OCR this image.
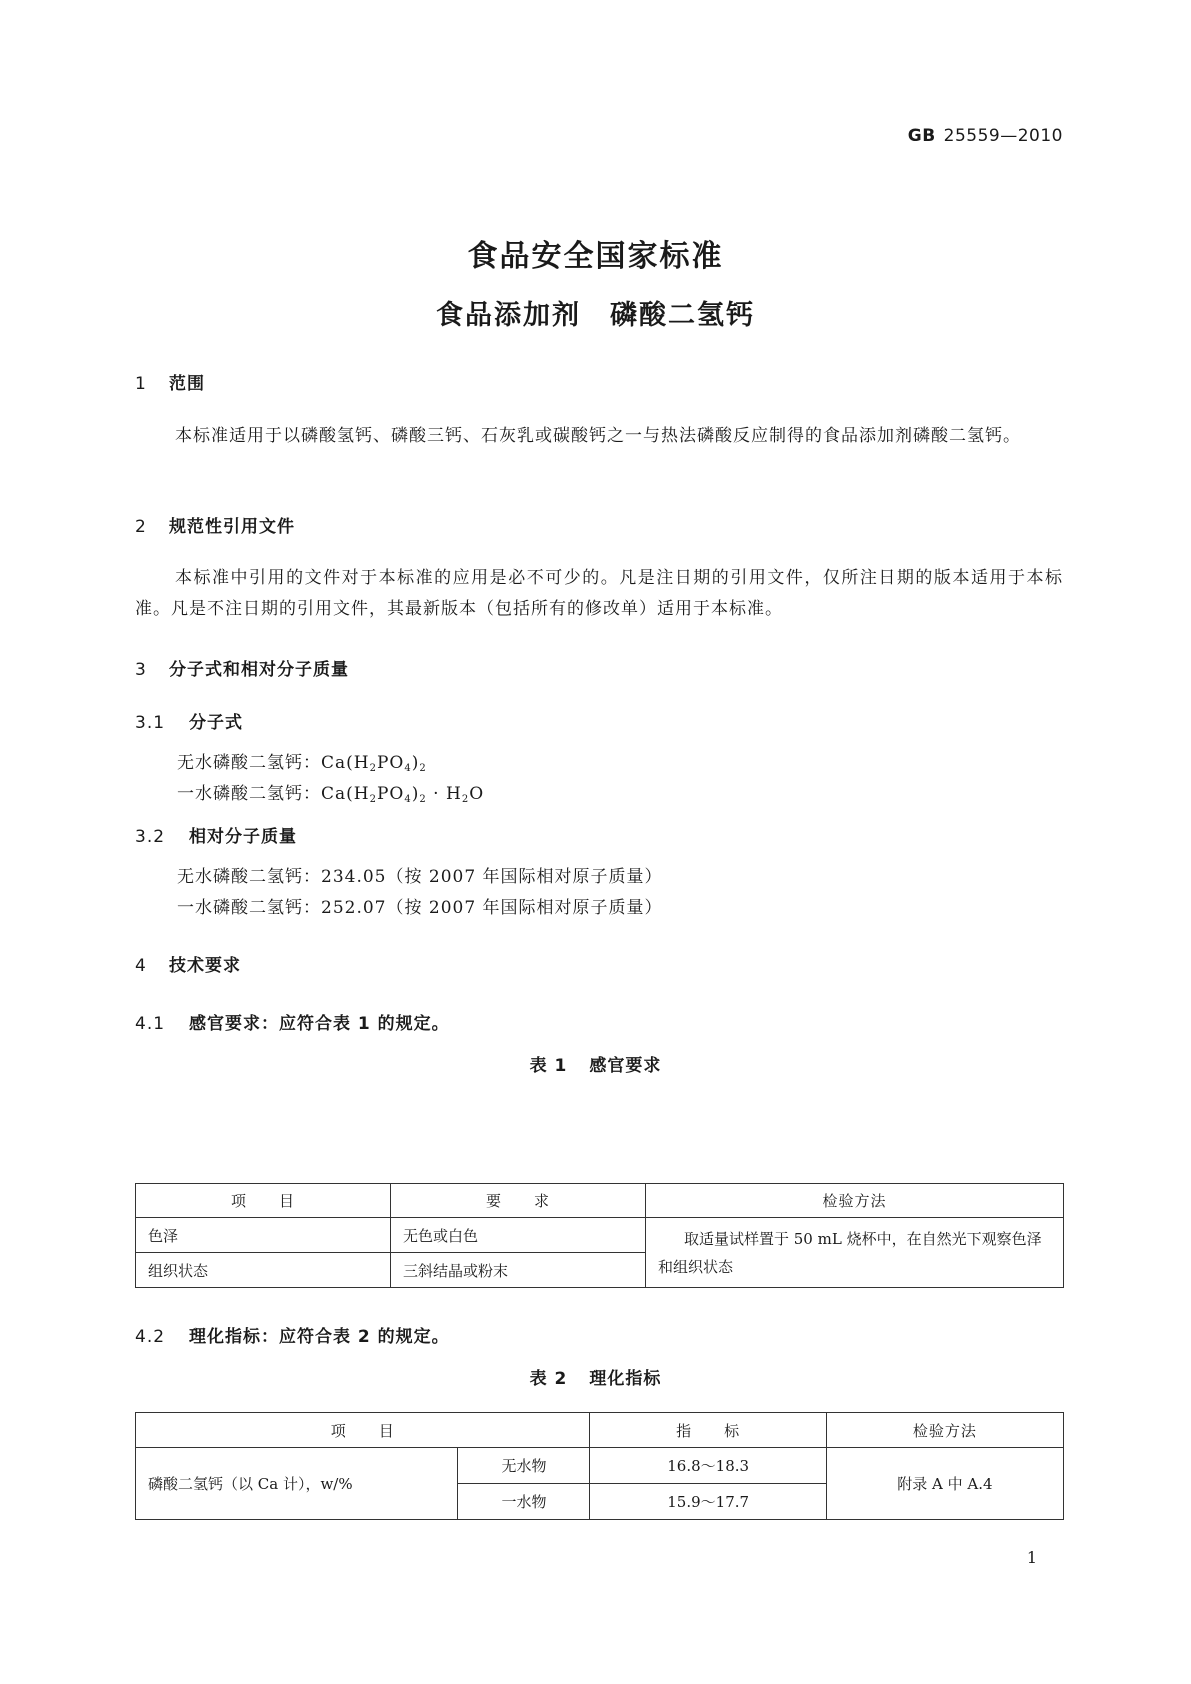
GB 25559—2010
食品安全国家标准
食品添加剂　磷酸二氢钙
1 范围
本标准适用于以磷酸氢钙、磷酸三钙、石灰乳或碳酸钙之一与热法磷酸反应制得的食品添加剂磷酸二氢钙。
2 规范性引用文件
本标准中引用的文件对于本标准的应用是必不可少的。凡是注日期的引用文件，仅所注日期的版本适用于本标准。凡是不注日期的引用文件，其最新版本（包括所有的修改单）适用于本标准。
3 分子式和相对分子质量
3.1 分子式
无水磷酸二氢钙：$Ca(H_2PO_4)_2$
一水磷酸二氢钙：$Ca(H_2PO_4)_2 \cdot H_2O$
3.2 相对分子质量
无水磷酸二氢钙：234.05（按 2007 年国际相对原子质量）
一水磷酸二氢钙：252.07（按 2007 年国际相对原子质量）
4 技术要求
4.1 感官要求：应符合表 1 的规定。
表 1 感官要求
项　　目	要　　求	检验方法
色泽	无色或白色	取适量试样置于 50 mL 烧杯中，在自然光下观察色泽和组织状态
组织状态	三斜结晶或粉末	
4.2 理化指标：应符合表 2 的规定。
表 2 理化指标
项　　目		指　　标	检验方法
磷酸二氢钙（以 Ca 计），w/%	无水物	16.8～18.3	附录 A 中 A.4
	一水物	15.9～17.7	
1
